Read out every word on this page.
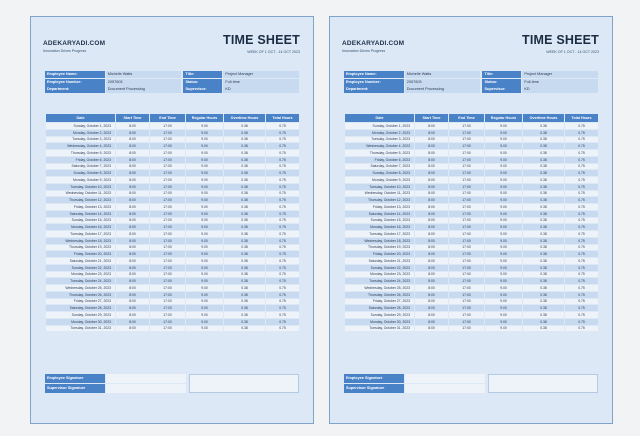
ADEKARYADI.COM
Innovation Drives Progress
TIME SHEET
WEEK OF 1 OCT - 14 OCT 2023
Employee Name:	Michelle Watts	Title:	Project Manager
Employee Number:	2057603	Status:	Full-time
Department:	Document Processing	Supervisor:	KD
Date	Start Time	End Time	Regular Hours	Overtime Hours	Total Hours
Sunday, October 1, 2023	8:00	17:00	9.00	0.38	0.75
Monday, October 2, 2023	8:00	17:00	9.00	0.38	0.75
Tuesday, October 3, 2023	8:00	17:00	9.00	0.38	0.75
Wednesday, October 4, 2023	8:00	17:00	9.00	0.38	0.75
Thursday, October 5, 2023	8:00	17:00	9.00	0.38	0.75
Friday, October 6, 2023	8:00	17:00	9.00	0.38	0.75
Saturday, October 7, 2023	8:00	17:00	9.00	0.38	0.75
Sunday, October 8, 2023	8:00	17:00	9.00	0.38	0.75
Monday, October 9, 2023	8:00	17:00	9.00	0.38	0.75
Tuesday, October 10, 2023	8:00	17:00	9.00	0.38	0.75
Wednesday, October 11, 2023	8:00	17:00	9.00	0.38	0.75
Thursday, October 12, 2023	8:00	17:00	9.00	0.38	0.75
Friday, October 13, 2023	8:00	17:00	9.00	0.38	0.75
Saturday, October 14, 2023	8:00	17:00	9.00	0.38	0.75
Sunday, October 15, 2023	8:00	17:00	9.00	0.38	0.75
Monday, October 16, 2023	8:00	17:00	9.00	0.38	0.75
Tuesday, October 17, 2023	8:00	17:00	9.00	0.38	0.75
Wednesday, October 18, 2023	8:00	17:00	9.00	0.38	0.75
Thursday, October 19, 2023	8:00	17:00	9.00	0.38	0.75
Friday, October 20, 2023	8:00	17:00	9.00	0.38	0.75
Saturday, October 21, 2023	8:00	17:00	9.00	0.38	0.75
Sunday, October 22, 2023	8:00	17:00	9.00	0.38	0.75
Monday, October 23, 2023	8:00	17:00	9.00	0.38	0.75
Tuesday, October 24, 2023	8:00	17:00	9.00	0.38	0.75
Wednesday, October 25, 2023	8:00	17:00	9.00	0.38	0.75
Thursday, October 26, 2023	8:00	17:00	9.00	0.38	0.75
Friday, October 27, 2023	8:00	17:00	9.00	0.38	0.75
Saturday, October 28, 2023	8:00	17:00	9.00	0.38	0.75
Sunday, October 29, 2023	8:00	17:00	9.00	0.38	0.75
Monday, October 30, 2023	8:00	17:00	9.00	0.38	0.75
Tuesday, October 31, 2023	8:00	17:00	9.00	0.38	0.75
Employee Signature
Supervisor Signature
ADEKARYADI.COM
Innovation Drives Progress
TIME SHEET
WEEK OF 1 OCT - 14 OCT 2023
Employee Name:	Michelle Watts	Title:	Project Manager
Employee Number:	2057603	Status:	Full-time
Department:	Document Processing	Supervisor:	KD
Date	Start Time	End Time	Regular Hours	Overtime Hours	Total Hours
Sunday, October 1, 2023	8:00	17:00	9.00	0.38	0.75
Monday, October 2, 2023	8:00	17:00	9.00	0.38	0.75
Tuesday, October 3, 2023	8:00	17:00	9.00	0.38	0.75
Wednesday, October 4, 2023	8:00	17:00	9.00	0.38	0.75
Thursday, October 5, 2023	8:00	17:00	9.00	0.38	0.75
Friday, October 6, 2023	8:00	17:00	9.00	0.38	0.75
Saturday, October 7, 2023	8:00	17:00	9.00	0.38	0.75
Sunday, October 8, 2023	8:00	17:00	9.00	0.38	0.75
Monday, October 9, 2023	8:00	17:00	9.00	0.38	0.75
Tuesday, October 10, 2023	8:00	17:00	9.00	0.38	0.75
Wednesday, October 11, 2023	8:00	17:00	9.00	0.38	0.75
Thursday, October 12, 2023	8:00	17:00	9.00	0.38	0.75
Friday, October 13, 2023	8:00	17:00	9.00	0.38	0.75
Saturday, October 14, 2023	8:00	17:00	9.00	0.38	0.75
Sunday, October 15, 2023	8:00	17:00	9.00	0.38	0.75
Monday, October 16, 2023	8:00	17:00	9.00	0.38	0.75
Tuesday, October 17, 2023	8:00	17:00	9.00	0.38	0.75
Wednesday, October 18, 2023	8:00	17:00	9.00	0.38	0.75
Thursday, October 19, 2023	8:00	17:00	9.00	0.38	0.75
Friday, October 20, 2023	8:00	17:00	9.00	0.38	0.75
Saturday, October 21, 2023	8:00	17:00	9.00	0.38	0.75
Sunday, October 22, 2023	8:00	17:00	9.00	0.38	0.75
Monday, October 23, 2023	8:00	17:00	9.00	0.38	0.75
Tuesday, October 24, 2023	8:00	17:00	9.00	0.38	0.75
Wednesday, October 25, 2023	8:00	17:00	9.00	0.38	0.75
Thursday, October 26, 2023	8:00	17:00	9.00	0.38	0.75
Friday, October 27, 2023	8:00	17:00	9.00	0.38	0.75
Saturday, October 28, 2023	8:00	17:00	9.00	0.38	0.75
Sunday, October 29, 2023	8:00	17:00	9.00	0.38	0.75
Monday, October 30, 2023	8:00	17:00	9.00	0.38	0.75
Tuesday, October 31, 2023	8:00	17:00	9.00	0.38	0.75
Employee Signature
Supervisor Signature
